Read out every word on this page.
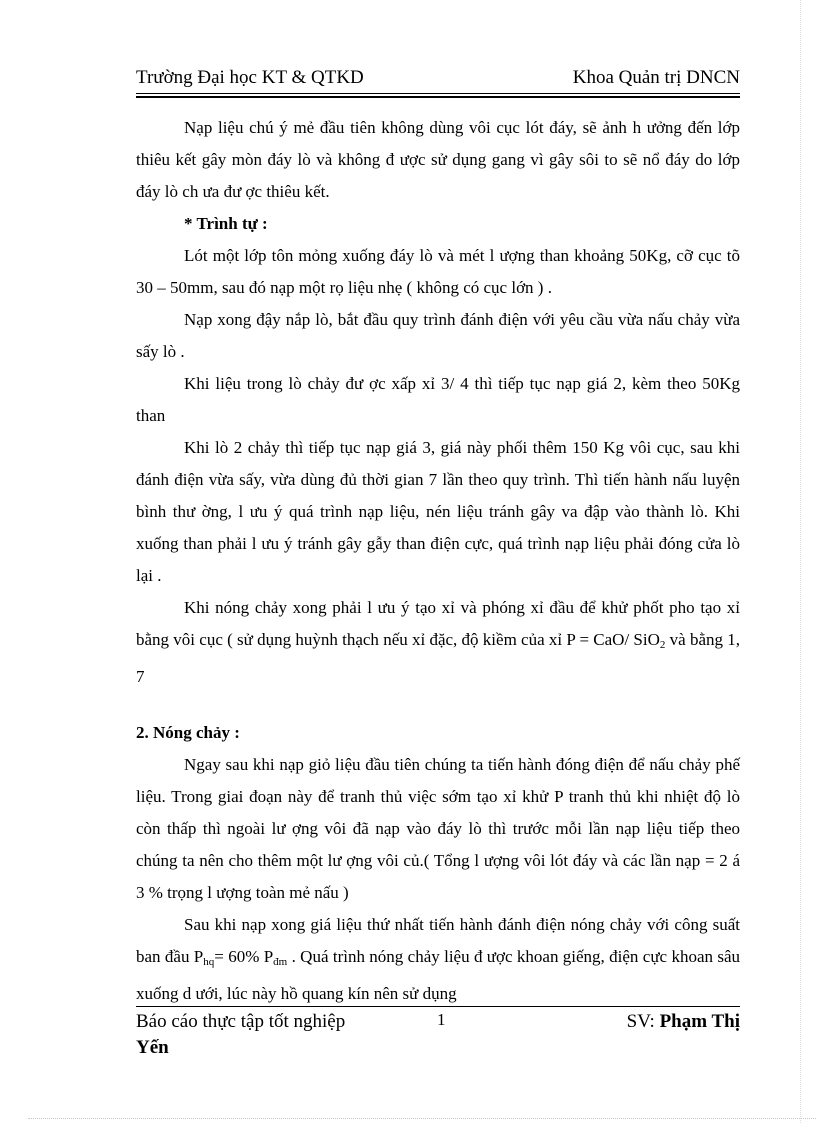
Trường Đại học KT & QTKD	Khoa Quản trị DNCN

Nạp liệu chú ý mẻ đầu tiên không dùng vôi cục lót đáy, sẽ ảnh h ưởng đến lớp thiêu kết gây mòn đáy lò và không đ ược sử dụng gang vì gây sôi to sẽ nổ đáy do lớp đáy lò ch ưa đư ợc thiêu kết.

* Trình tự :

Lót một lớp tôn mỏng xuống đáy lò và mét l ượng than khoảng 50Kg, cỡ cục tõ 30 – 50mm, sau đó nạp một rọ liệu nhẹ ( không có cục lớn ) .

Nạp xong đậy nắp lò, bắt đầu quy trình đánh điện với yêu cầu vừa nấu chảy vừa sấy lò .

Khi liệu trong lò chảy đư ợc xấp xỉ 3/ 4 thì tiếp tục nạp giá 2, kèm theo 50Kg than

Khi lò 2 chảy thì tiếp tục nạp giá 3, giá này phối thêm 150 Kg vôi cục, sau khi đánh điện vừa sấy, vừa dùng đủ thời gian 7 lần theo quy trình. Thì tiến hành nấu luyện bình thư ờng, l ưu ý quá trình nạp liệu, nén liệu tránh gây va đập vào thành lò. Khi xuống than phải l ưu ý tránh gây gẫy than điện cực, quá trình nạp liệu phải đóng cửa lò lại .

Khi nóng chảy xong phải l ưu ý tạo xỉ và phóng xỉ đầu để khử phốt pho tạo xỉ bằng vôi cục ( sử dụng huỳnh thạch nếu xỉ đặc, độ kiềm của xỉ P = CaO/ SiO$_2$ và bằng 1, 7

2. Nóng chảy :

Ngay sau khi nạp giỏ liệu đầu tiên chúng ta tiến hành đóng điện để nấu chảy phế liệu. Trong giai đoạn này để tranh thủ việc sớm tạo xỉ khử P tranh thủ khi nhiệt độ lò còn thấp thì ngoài lư ợng vôi đã nạp vào đáy lò thì trước mỗi lần nạp liệu tiếp theo chúng ta nên cho thêm một lư ợng vôi củ.( Tổng l ượng vôi lót đáy và các lần nạp = 2 á 3 % trọng l ượng toàn mẻ nấu )

Sau khi nạp xong giá liệu thứ nhất tiến hành đánh điện nóng chảy với công suất ban đầu $P_{hq}= 60\%$ $P_{đm}$ . Quá trình nóng chảy liệu đ ược khoan giếng, điện cực khoan sâu xuống d ưới, lúc này hồ quang kín nên sử dụng

Báo cáo thực tập tốt nghiệp	1	SV: Phạm Thị
Yến
